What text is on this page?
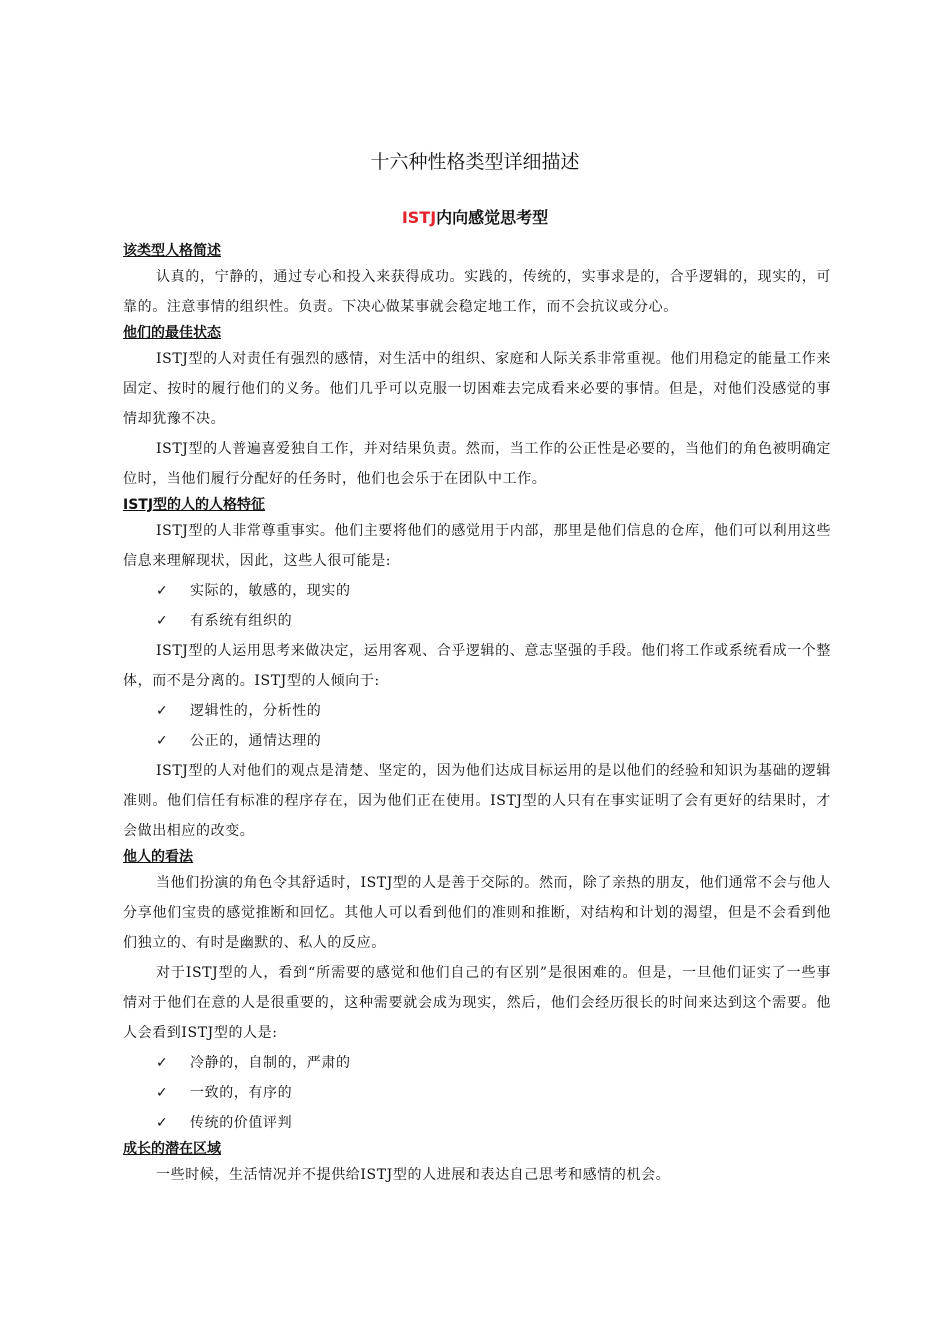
十六种性格类型详细描述
ISTJ内向感觉思考型

该类型人格简述

认真的，宁静的，通过专心和投入来获得成功。实践的，传统的，实事求是的，合乎逻辑的，现实的，可靠的。注意事情的组织性。负责。下决心做某事就会稳定地工作，而不会抗议或分心。

他们的最佳状态

ISTJ型的人对责任有强烈的感情，对生活中的组织、家庭和人际关系非常重视。他们用稳定的能量工作来固定、按时的履行他们的义务。他们几乎可以克服一切困难去完成看来必要的事情。但是，对他们没感觉的事情却犹豫不决。

ISTJ型的人普遍喜爱独自工作，并对结果负责。然而，当工作的公正性是必要的，当他们的角色被明确定位时，当他们履行分配好的任务时，他们也会乐于在团队中工作。

ISTJ型的人的人格特征

ISTJ型的人非常尊重事实。他们主要将他们的感觉用于内部，那里是他们信息的仓库，他们可以利用这些信息来理解现状，因此，这些人很可能是:

✓ 实际的，敏感的，现实的

✓ 有系统有组织的

ISTJ型的人运用思考来做决定，运用客观、合乎逻辑的、意志坚强的手段。他们将工作或系统看成一个整体，而不是分离的。ISTJ型的人倾向于:

✓ 逻辑性的，分析性的

✓ 公正的，通情达理的

ISTJ型的人对他们的观点是清楚、坚定的，因为他们达成目标运用的是以他们的经验和知识为基础的逻辑准则。他们信任有标准的程序存在，因为他们正在使用。ISTJ型的人只有在事实证明了会有更好的结果时，才会做出相应的改变。

他人的看法

当他们扮演的角色令其舒适时，ISTJ型的人是善于交际的。然而，除了亲热的朋友，他们通常不会与他人分享他们宝贵的感觉推断和回忆。其他人可以看到他们的准则和推断，对结构和计划的渴望，但是不会看到他们独立的、有时是幽默的、私人的反应。

对于ISTJ型的人，看到“所需要的感觉和他们自己的有区别”是很困难的。但是，一旦他们证实了一些事情对于他们在意的人是很重要的，这种需要就会成为现实，然后，他们会经历很长的时间来达到这个需要。他人会看到ISTJ型的人是:

✓ 冷静的，自制的，严肃的

✓ 一致的，有序的

✓ 传统的价值评判

成长的潜在区域

一些时候，生活情况并不提供给ISTJ型的人进展和表达自己思考和感情的机会。
